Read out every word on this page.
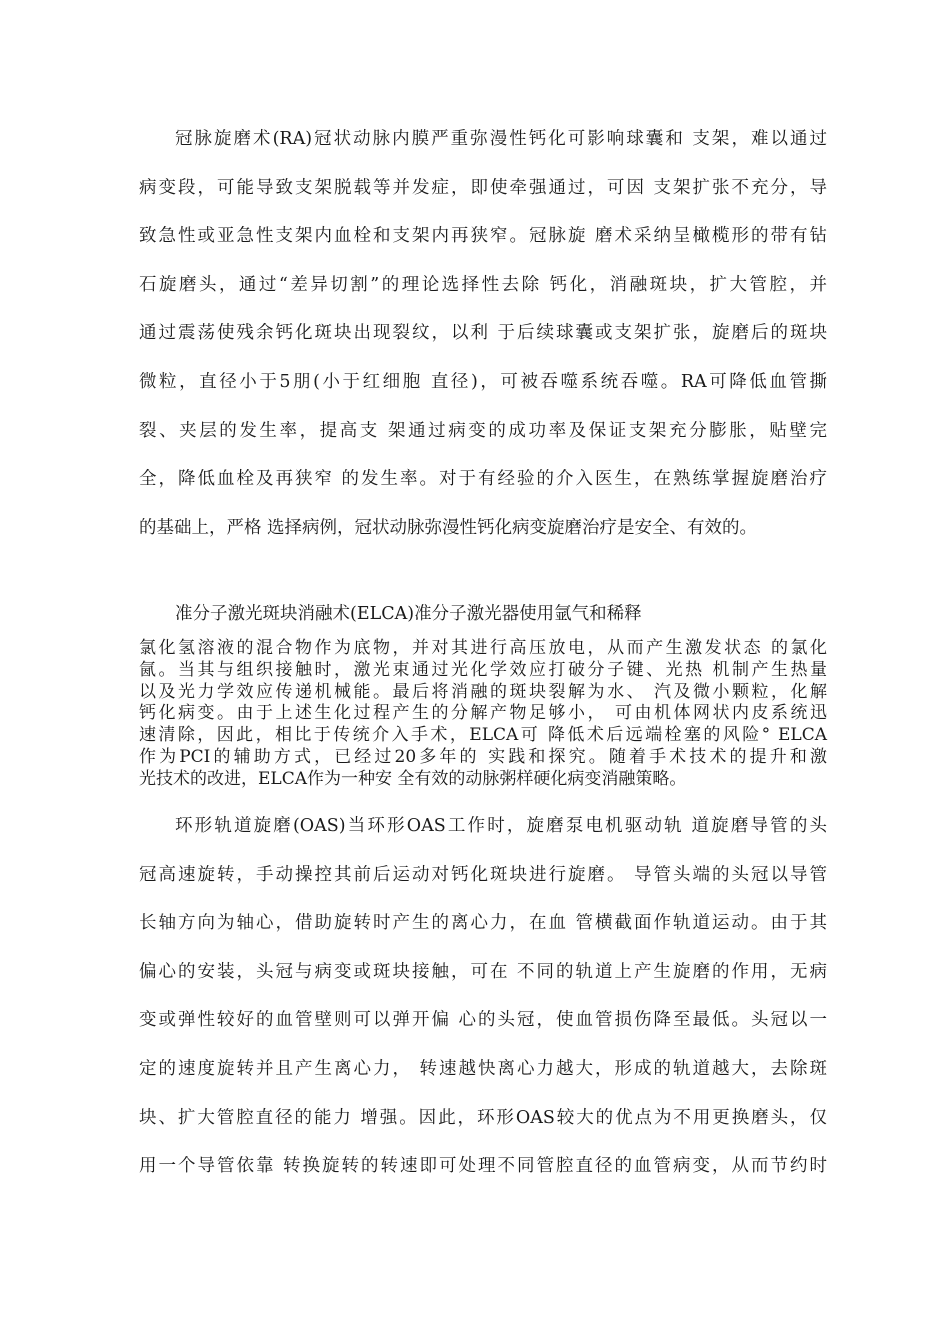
冠脉旋磨术(RA)冠状动脉内膜严重弥漫性钙化可影响球囊和 支架，难以通过
病变段，可能导致支架脱载等并发症，即使牵强通过，可因 支架扩张不充分，导
致急性或亚急性支架内血栓和支架内再狭窄。冠脉旋 磨术采纳呈橄榄形的带有钻
石旋磨头，通过“差异切割”的理论选择性去除 钙化，消融斑块，扩大管腔，并
通过震荡使残余钙化斑块出现裂纹，以利 于后续球囊或支架扩张，旋磨后的斑块
微粒，直径小于5朋(小于红细胞 直径)，可被吞噬系统吞噬。RA可降低血管撕
裂、夹层的发生率，提高支 架通过病变的成功率及保证支架充分膨胀，贴壁完
全，降低血栓及再狭窄 的发生率。对于有经验的介入医生，在熟练掌握旋磨治疗
的基础上，严格 选择病例，冠状动脉弥漫性钙化病变旋磨治疗是安全、有效的。
准分子激光斑块消融术(ELCA)准分子激光器使用氩气和稀释
氯化氢溶液的混合物作为底物，并对其进行高压放电，从而产生激发状态 的氯化
氤。当其与组织接触时，激光束通过光化学效应打破分子键、光热 机制产生热量
以及光力学效应传递机械能。最后将消融的斑块裂解为水、 汽及微小颗粒，化解
钙化病变。由于上述生化过程产生的分解产物足够小， 可由机体网状内皮系统迅
速清除，因此，相比于传统介入手术，ELCA可 降低术后远端栓塞的风险° ELCA
作为PCI的辅助方式，已经过20多年的 实践和探究。随着手术技术的提升和激
光技术的改进，ELCA作为一种安 全有效的动脉粥样硬化病变消融策略。
环形轨道旋磨(OAS)当环形OAS工作时，旋磨泵电机驱动轨 道旋磨导管的头
冠高速旋转，手动操控其前后运动对钙化斑块进行旋磨。 导管头端的头冠以导管
长轴方向为轴心，借助旋转时产生的离心力，在血 管横截面作轨道运动。由于其
偏心的安装，头冠与病变或斑块接触，可在 不同的轨道上产生旋磨的作用，无病
变或弹性较好的血管壁则可以弹开偏 心的头冠，使血管损伤降至最低。头冠以一
定的速度旋转并且产生离心力， 转速越快离心力越大，形成的轨道越大，去除斑
块、扩大管腔直径的能力 增强。因此，环形OAS较大的优点为不用更换磨头，仅
用一个导管依靠 转换旋转的转速即可处理不同管腔直径的血管病变，从而节约时
